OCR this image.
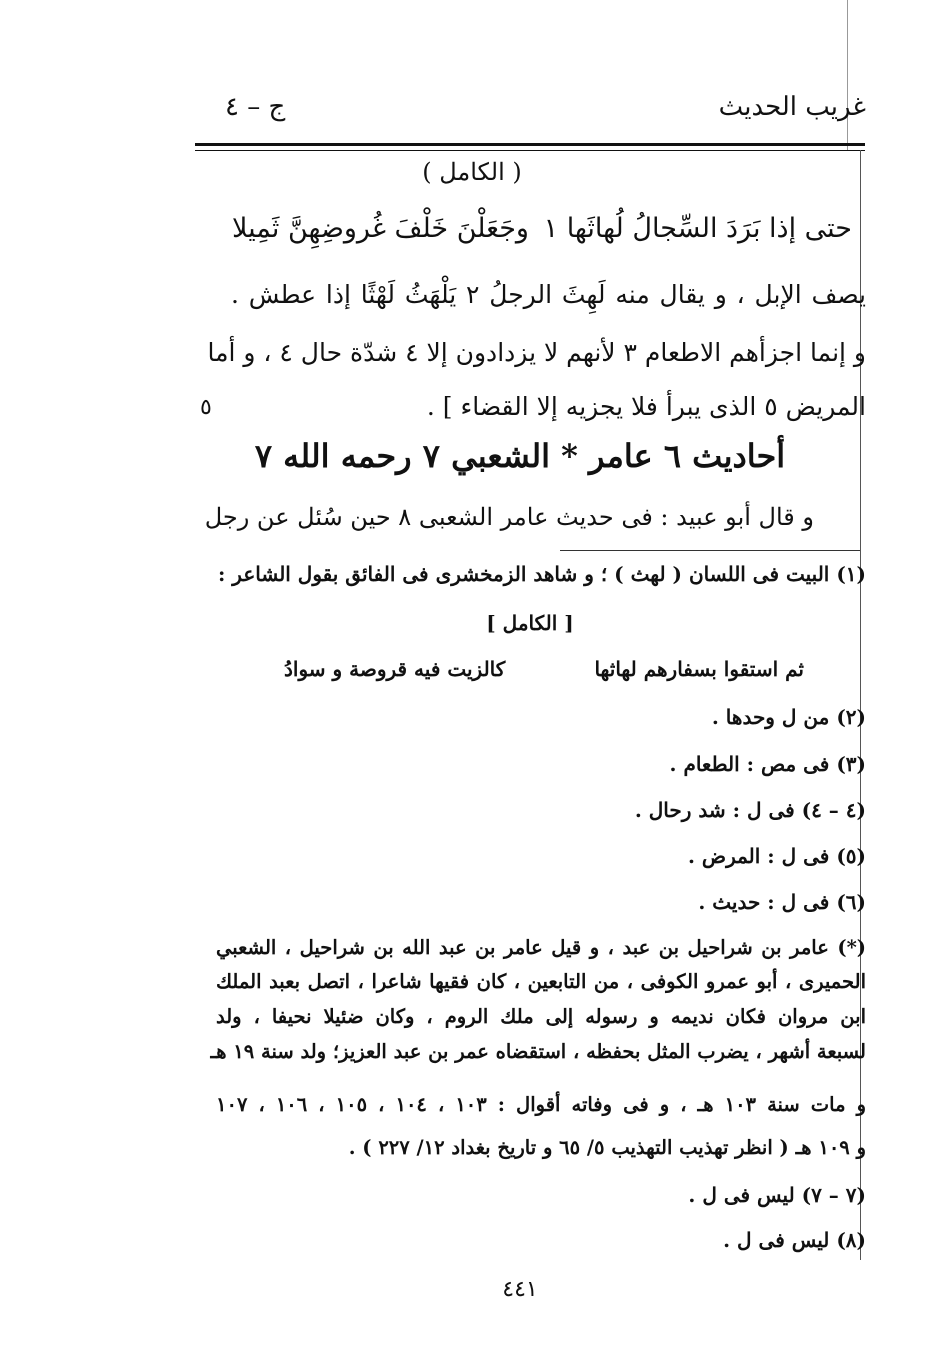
غريب الحديث
ج – ٤
( الكامل )
حتى إذا بَرَدَ السِّجالُ لُهاثَها ١
وجَعَلْنَ خَلْفَ غُروضِهِنَّ ثَمِيلا
يصف الإبل ، و يقال منه لَهِثَ الرجلُ ٢ يَلْهَثُ لَهْثًا إذا عطش .
و إنما اجزأهم الاطعام ٣ لأنهم لا يزدادون إلا ٤ شدّة حال ٤ ، و أما
المريض ٥ الذى يبرأ فلا يجزيه إلا القضاء ] .
٥
أحاديث ٦ عامر * الشعبي ٧ رحمه الله ٧
و قال أبو عبيد : فى حديث عامر الشعبى ٨ حين سُئل عن رجل
(١) البيت فى اللسان ( لهث ) ؛ و شاهد الزمخشرى فى الفائق بقول الشاعر :
[ الكامل ]
ثم استقوا بسفارهم لهاثها
كالزيت فيه قروصة و سوادُ
(٢) من ل وحدها .
(٣) فى مص : الطعام .
(٤ – ٤) فى ل : شد رحال .
(٥) فى ل : المرض .
(٦) فى ل : حديث .
(*) عامر بن شراحيل بن عبد ، و قيل عامر بن عبد الله بن شراحيل ، الشعبي
الحميرى ، أبو عمرو الكوفى ، من التابعين ، كان فقيها شاعرا ، اتصل بعبد الملك
ابن مروان فكان نديمه و رسوله إلى ملك الروم ، وكان ضئيلا نحيفا ، ولد
لسبعة أشهر ، يضرب المثل بحفظه ، استقضاه عمر بن عبد العزيز؛ ولد سنة ١٩ هـ
و مات سنة ١٠٣ هـ ، و فى وفاته أقوال : ١٠٣ ، ١٠٤ ، ١٠٥ ، ١٠٦ ، ١٠٧
و ١٠٩ هـ ( انظر تهذيب التهذيب ٥/ ٦٥ و تاريخ بغداد ١٢/ ٢٢٧ ) .
(٧ – ٧) ليس فى ل .
(٨) ليس فى ل .
٤٤١
